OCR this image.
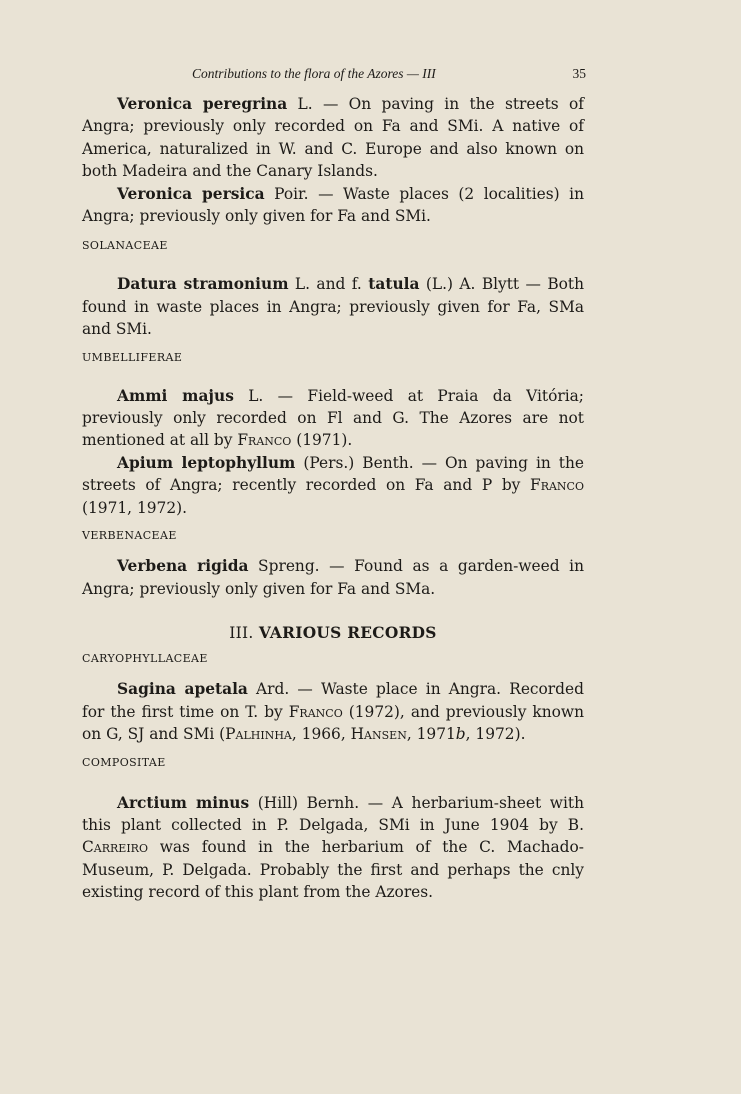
Contributions to the flora of the Azores — III	35

Veronica peregrina L. — On paving in the streets of Angra; previously only recorded on Fa and SMi. A native of America, naturalized in W. and C. Europe and also known on both Madeira and the Canary Islands.

Veronica persica Poir. — Waste places (2 localities) in Angra; previously only given for Fa and SMi.

SOLANACEAE

Datura stramonium L. and f. tatula (L.) A. Blytt — Both found in waste places in Angra; previously given for Fa, SMa and SMi.

UMBELLIFERAE

Ammi majus L. — Field-weed at Praia da Vitória; previously only recorded on Fl and G. The Azores are not mentioned at all by Franco (1971).

Apium leptophyllum (Pers.) Benth. — On paving in the streets of Angra; recently recorded on Fa and P by Franco (1971, 1972).

VERBENACEAE

Verbena rigida Spreng. — Found as a garden-weed in Angra; previously only given for Fa and SMa.

III. VARIOUS RECORDS
CARYOPHYLLACEAE

Sagina apetala Ard. — Waste place in Angra. Recorded for the first time on T. by Franco (1972), and previously known on G, SJ and SMi (Palhinha, 1966, Hansen, 1971b, 1972).

COMPOSITAE

Arctium minus (Hill) Bernh. — A herbarium-sheet with this plant collected in P. Delgada, SMi in June 1904 by B. Carreiro was found in the herbarium of the C. Machado-Museum, P. Delgada. Probably the first and perhaps the cnly existing record of this plant from the Azores.
